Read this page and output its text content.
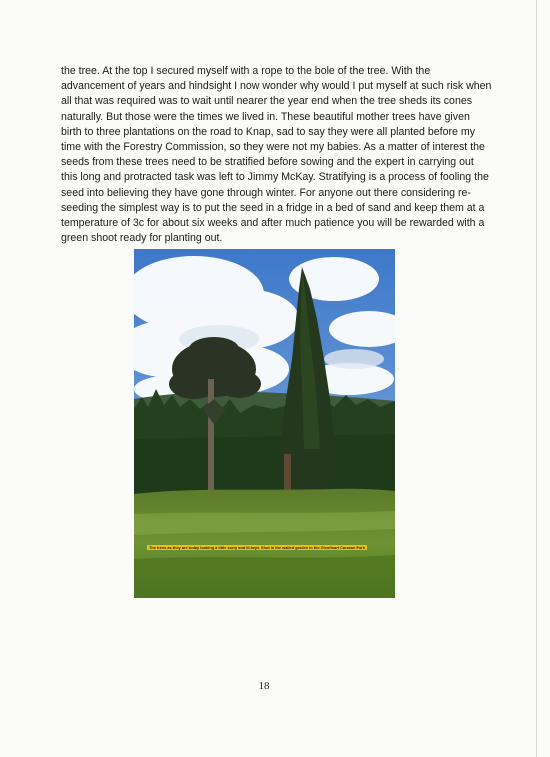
the tree. At the top I secured myself with a rope to the bole of the tree. With the
advancement of years and hindsight I now wonder why would I put myself at such risk when
all that was required was to wait until nearer the year end when the tree sheds its cones
naturally. But those were the times we lived in. These beautiful mother trees have given
birth to three plantations on the road to Knap, sad to say they were all planted before my
time with the Forestry Commission, so they were not my babies. As a matter of interest the
seeds from these trees need to be stratified before sowing and the expert in carrying out
this long and protracted task was left to Jimmy McKay. Stratifying is a process of fooling the
seed into believing they have gone through winter. For anyone out there considering re-
seeding the simplest way is to put the seed in a fridge in a bed of sand and keep them at a
temperature of 3c for about six weeks and after much patience you will be rewarded with a
green shoot ready for planting out.
The trees as they are today looking a little sorry and ill-kept. Shot in the walled garden in the Glenfinart Caravan Park
18
